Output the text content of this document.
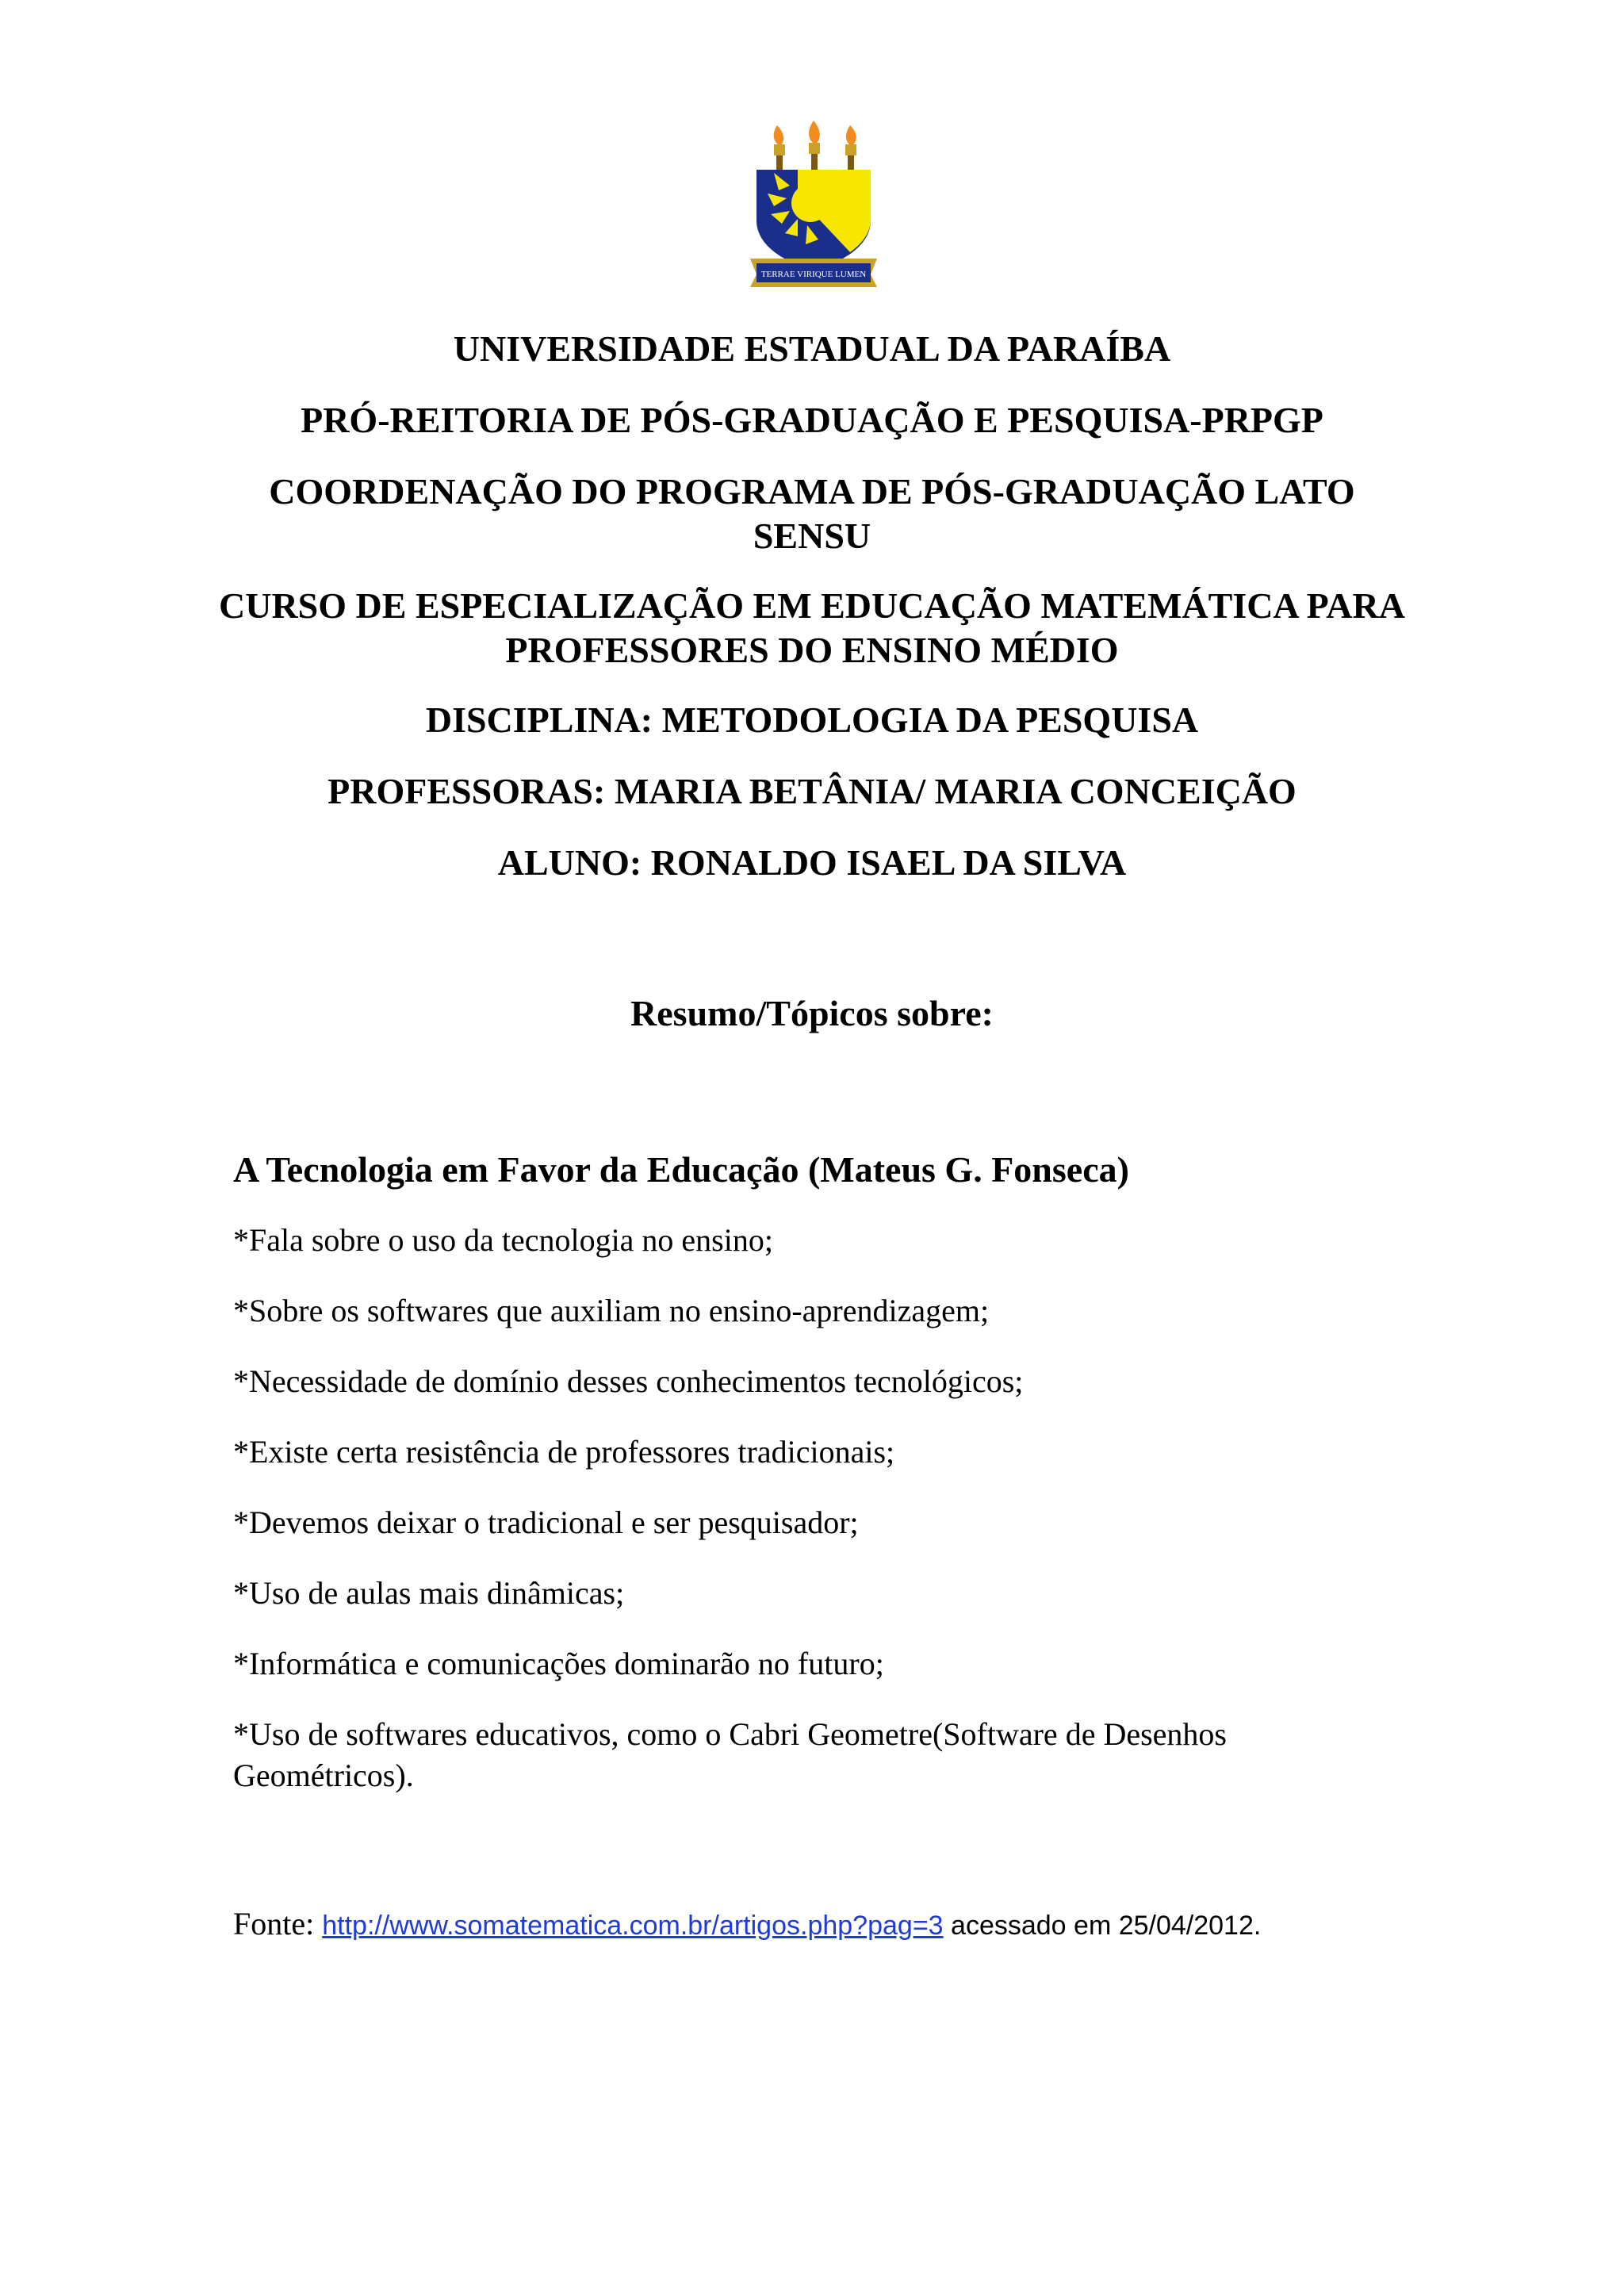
TERRAE VIRIQUE LUMEN

UNIVERSIDADE ESTADUAL DA PARAÍBA

PRÓ-REITORIA DE PÓS-GRADUAÇÃO E PESQUISA-PRPGP

COORDENAÇÃO DO PROGRAMA DE PÓS-GRADUAÇÃO LATO SENSU

CURSO DE ESPECIALIZAÇÃO EM EDUCAÇÃO MATEMÁTICA PARA PROFESSORES DO ENSINO MÉDIO

DISCIPLINA: METODOLOGIA DA PESQUISA

PROFESSORAS: MARIA BETÂNIA/ MARIA CONCEIÇÃO

ALUNO: RONALDO ISAEL DA SILVA

Resumo/Tópicos sobre:

A Tecnologia em Favor da Educação (Mateus G. Fonseca)

*Fala sobre o uso da tecnologia no ensino;
*Sobre os softwares que auxiliam no ensino-aprendizagem;
*Necessidade de domínio desses conhecimentos tecnológicos;
*Existe certa resistência de professores tradicionais;
*Devemos deixar o tradicional e ser pesquisador;
*Uso de aulas mais dinâmicas;
*Informática e comunicações dominarão no futuro;
*Uso de softwares educativos, como o Cabri Geometre(Software de Desenhos Geométricos).

Fonte: http://www.somatematica.com.br/artigos.php?pag=3 acessado em 25/04/2012.
